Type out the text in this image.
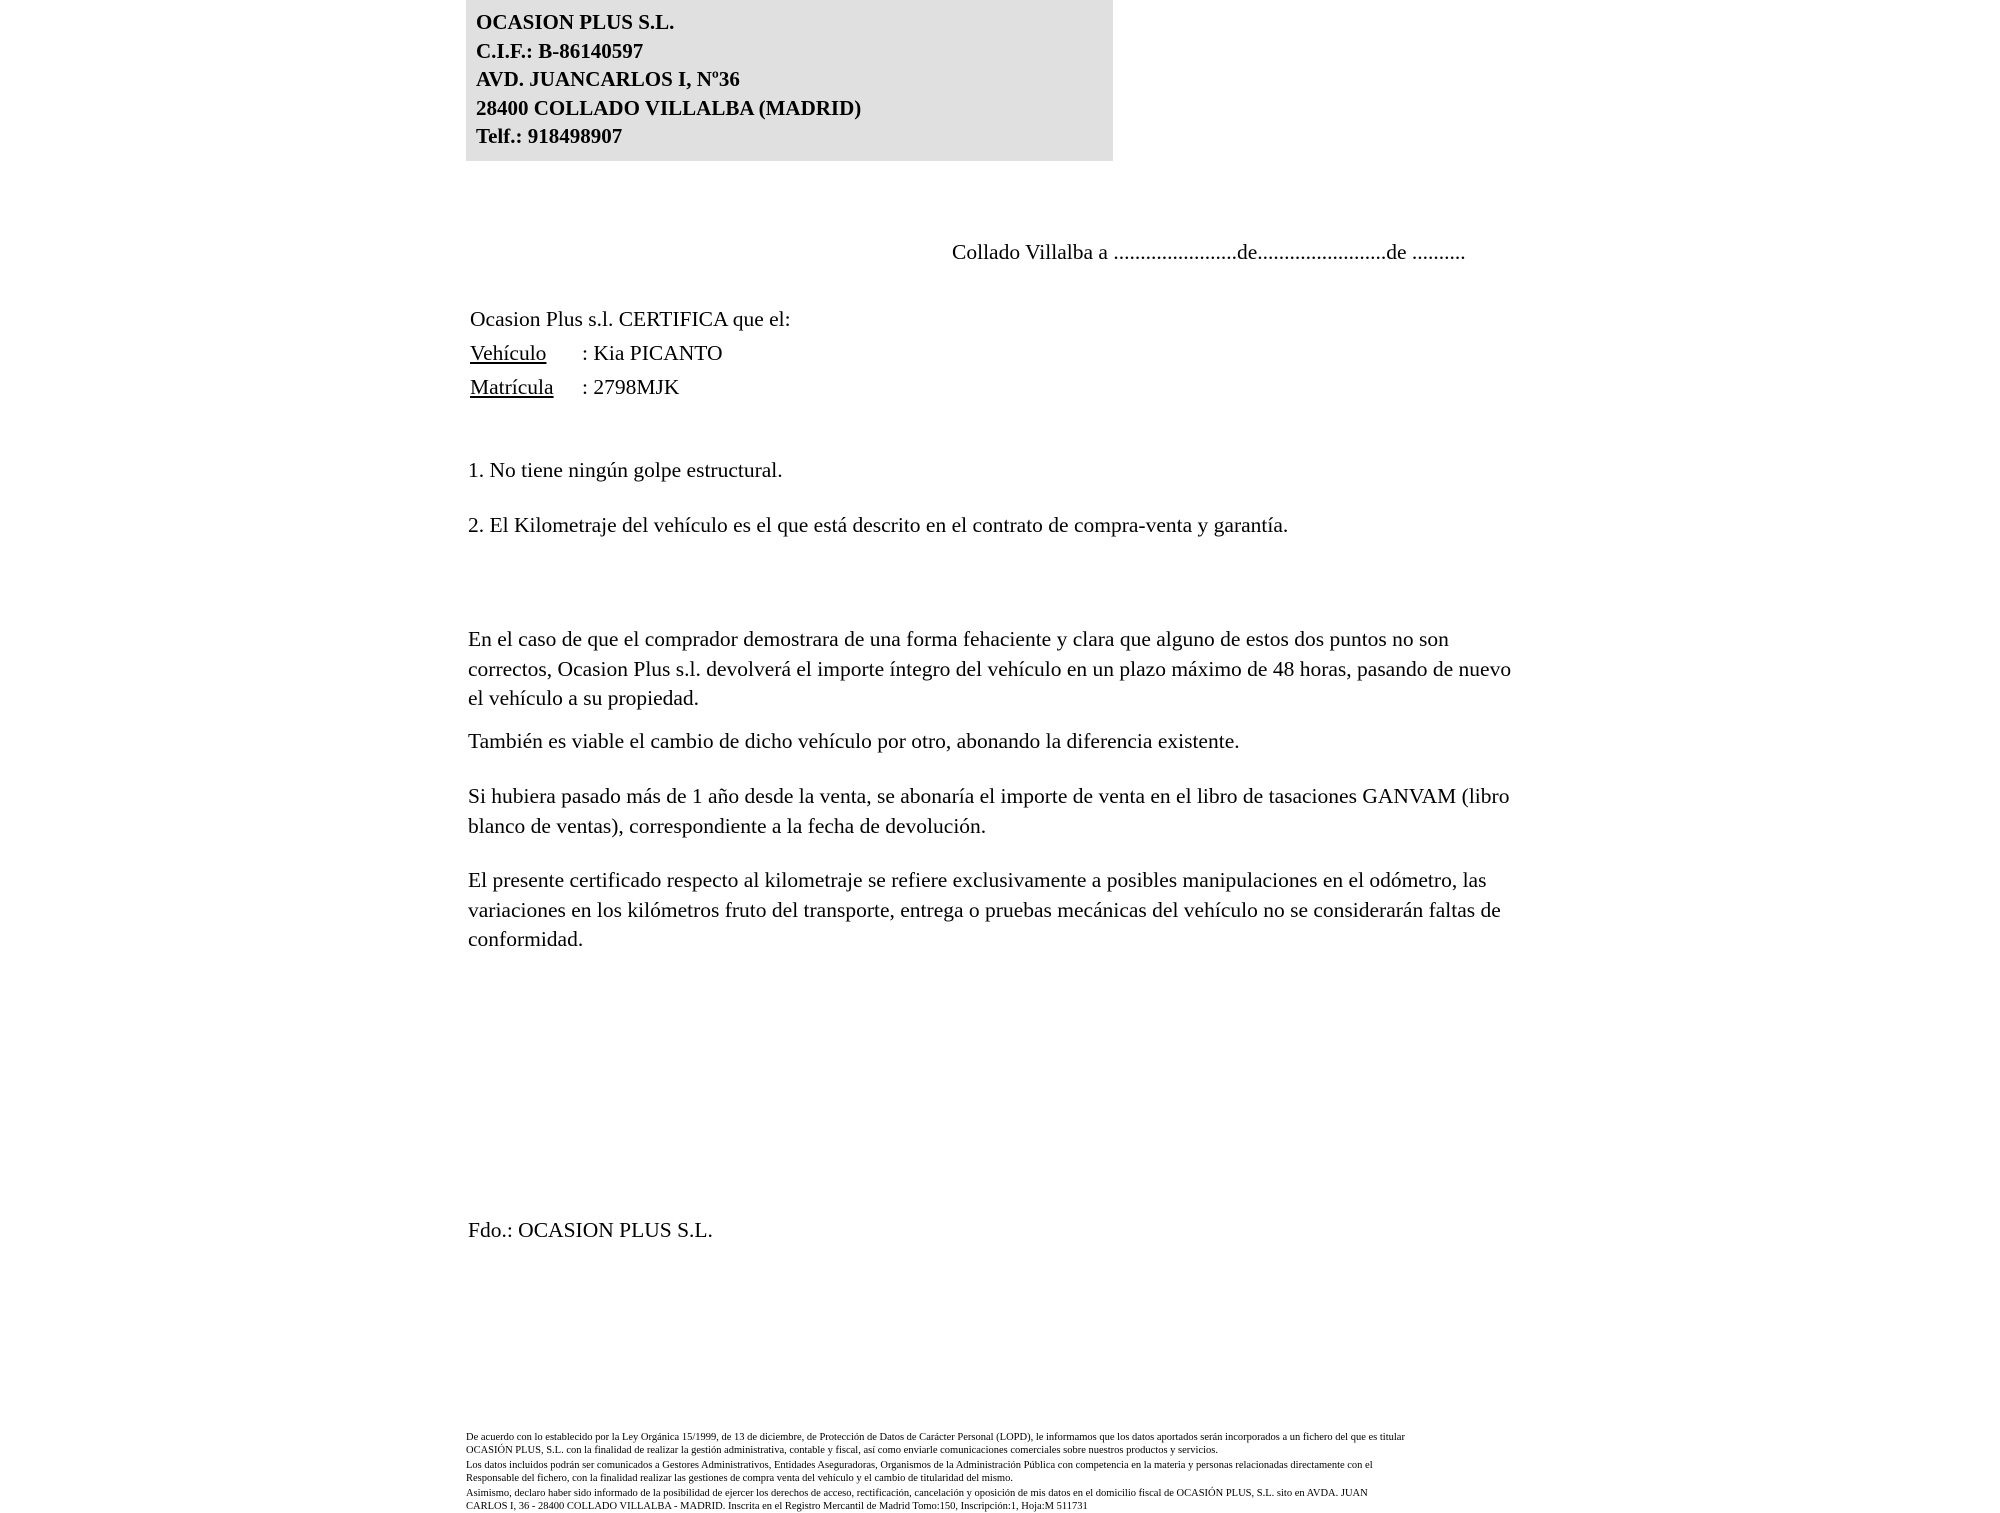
OCASION PLUS S.L.
C.I.F.: B-86140597
AVD. JUANCARLOS I, Nº36
28400 COLLADO VILLALBA (MADRID)
Telf.: 918498907
Collado Villalba a .......................de........................de ..........
Ocasion Plus s.l. CERTIFICA que el:
Vehículo : Kia PICANTO
Matrícula : 2798MJK
1. No tiene ningún golpe estructural.
2. El Kilometraje del vehículo es el que está descrito en el contrato de compra-venta y garantía.
En el caso de que el comprador demostrara de una forma fehaciente y clara que alguno de estos dos puntos no son correctos, Ocasion Plus s.l. devolverá el importe íntegro del vehículo en un plazo máximo de 48 horas, pasando de nuevo el vehículo a su propiedad.
También es viable el cambio de dicho vehículo por otro, abonando la diferencia existente.
Si hubiera pasado más de 1 año desde la venta, se abonaría el importe de venta en el libro de tasaciones GANVAM (libro blanco de ventas), correspondiente a la fecha de devolución.
El presente certificado respecto al kilometraje se refiere exclusivamente a posibles manipulaciones en el odómetro, las variaciones en los kilómetros fruto del transporte, entrega o pruebas mecánicas del vehículo no se considerarán faltas de conformidad.
Fdo.: OCASION PLUS S.L.

De acuerdo con lo establecido por la Ley Orgánica 15/1999, de 13 de diciembre, de Protección de Datos de Carácter Personal (LOPD), le informamos que los datos aportados serán incorporados a un fichero del que es titular

OCASIÓN PLUS, S.L. con la finalidad de realizar la gestión administrativa, contable y fiscal, así como enviarle comunicaciones comerciales sobre nuestros productos y servicios.

Los datos incluidos podrán ser comunicados a Gestores Administrativos, Entidades Aseguradoras, Organismos de la Administración Pública con competencia en la materia y personas relacionadas directamente con el

Responsable del fichero, con la finalidad realizar las gestiones de compra venta del vehículo y el cambio de titularidad del mismo.

Asimismo, declaro haber sido informado de la posibilidad de ejercer los derechos de acceso, rectificación, cancelación y oposición de mis datos en el domicilio fiscal de OCASIÓN PLUS, S.L. sito en AVDA. JUAN

CARLOS I, 36 - 28400 COLLADO VILLALBA - MADRID. Inscrita en el Registro Mercantil de Madrid Tomo:150, Inscripción:1, Hoja:M 511731
